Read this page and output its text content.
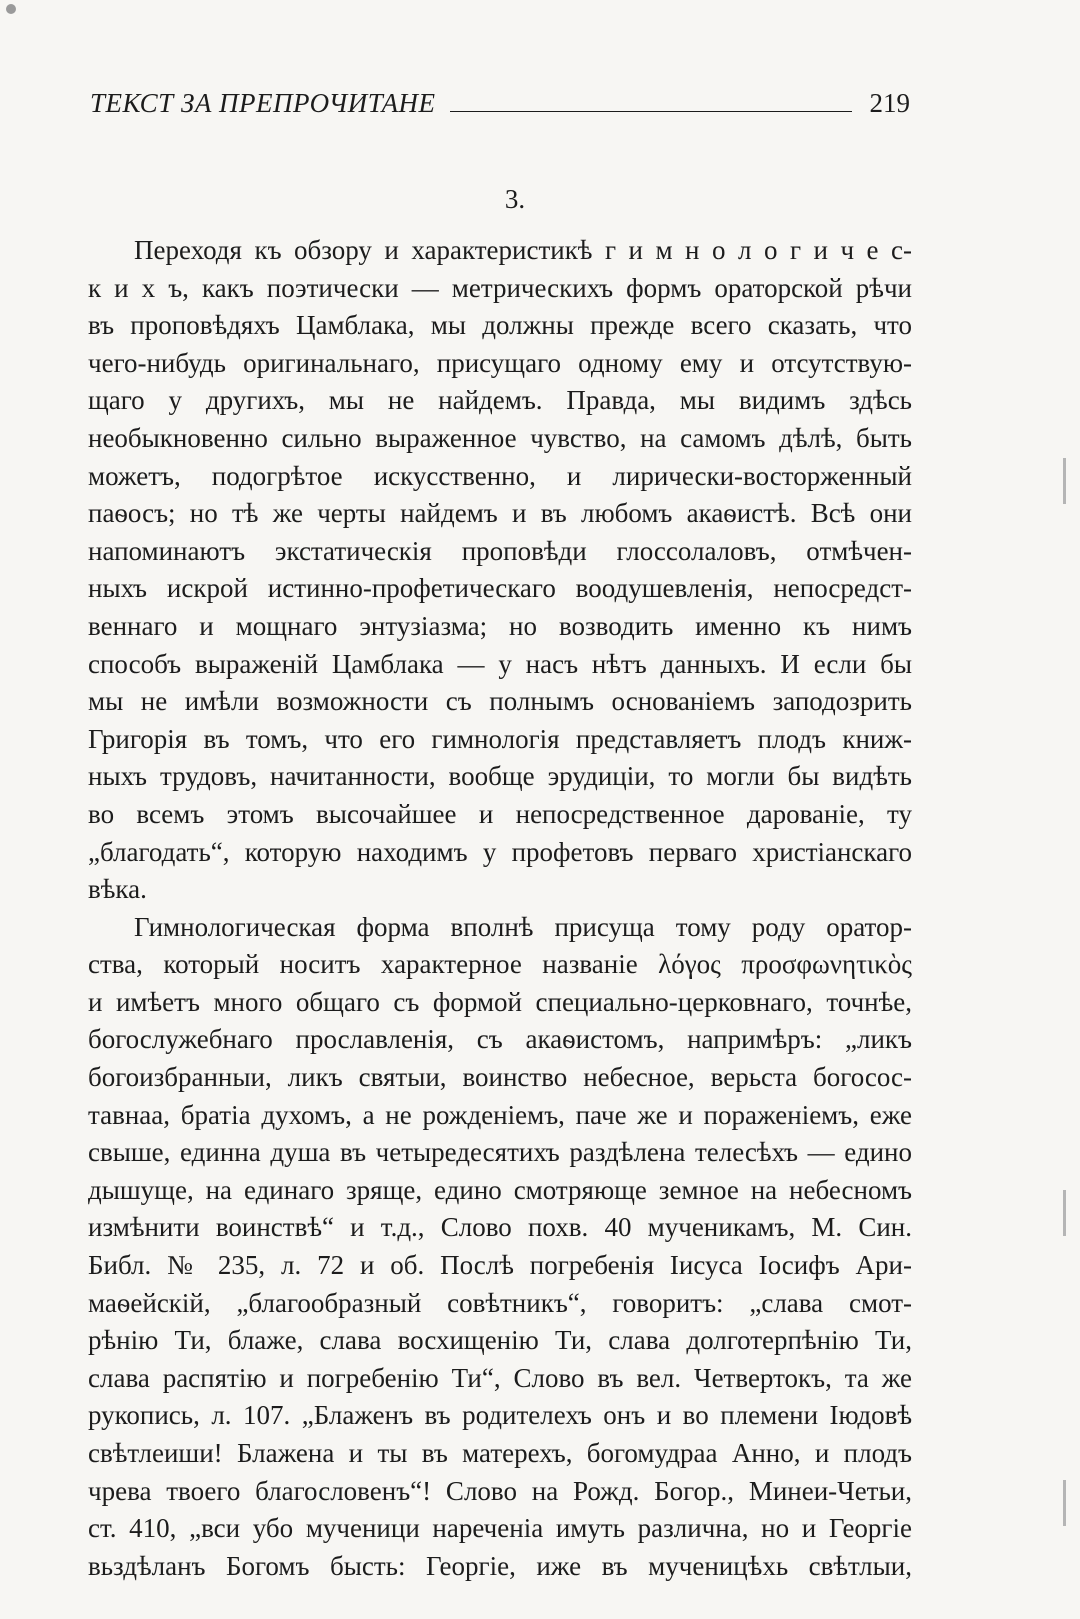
ТЕКСТ ЗА ПРЕПРОЧИТАНЕ	219
3.
Переходя къ обзору и характеристикѣ г и м н о л о г и ч е с-
к и х ъ, какъ поэтически — метрическихъ формъ ораторской рѣчи
въ проповѣдяхъ Цамблака, мы должны прежде всего сказать, что
чего-нибудь оригинальнаго, присущаго одному ему и отсутствую-
щаго у другихъ, мы не найдемъ. Правда, мы видимъ здѣсь
необыкновенно сильно выраженное чувство, на самомъ дѣлѣ, быть
можетъ, подогрѣтое искусственно, и лирически-восторженный
паѳосъ; но тѣ же черты найдемъ и въ любомъ акаѳистѣ. Всѣ они
напоминаютъ экстатическія проповѣди глоссолаловъ, отмѣчен-
ныхъ искрой истинно-профетическаго воодушевленія, непосредст-
веннаго и мощнаго энтузіазма; но возводить именно къ нимъ
способъ выраженій Цамблака — у насъ нѣтъ данныхъ. И если бы
мы не имѣли возможности съ полнымъ основаніемъ заподозрить
Григорія въ томъ, что его гимнологія представляетъ плодъ книж-
ныхъ трудовъ, начитанности, вообще эрудиціи, то могли бы видѣть
во всемъ этомъ высочайшее и непосредственное дарованіе, ту
„благодать“, которую находимъ у профетовъ перваго христіанскаго
вѣка.
Гимнологическая форма вполнѣ присуща тому роду оратор-
ства, который носитъ характерное названіе λόγος προσφωνητικὸς
и имѣетъ много общаго съ формой специально-церковнаго, точнѣе,
богослужебнаго прославленія, съ акаѳистомъ, напримѣръ: „ликъ
богоизбранныи, ликъ святыи, воинство небесное, верьста богосос-
тавнаа, братіа духомъ, а не рожденіемъ, паче же и пораженіемъ, еже
свыше, единна душа въ четыредесятихъ раздѣлена телесѣхъ — едино
дышуще, на единаго зряще, едино смотряюще земное на небесномъ
измѣнити воинствѣ“ и т.д., Слово похв. 40 мученикамъ, М. Син.
Библ. № 235, л. 72 и об. Послѣ погребенія Іисуса Іосифъ Ари-
маѳейскій, „благообразный совѣтникъ“, говоритъ: „слава смот-
рѣнію Ти, блаже, слава восхищенію Ти, слава долготерпѣнію Ти,
слава распятію и погребенію Ти“, Слово въ вел. Четвертокъ, та же
рукопись, л. 107. „Блаженъ въ родителехъ онъ и во племени Іюдовѣ
свѣтлеиши! Блажена и ты въ матерехъ, богомудраа Анно, и плодъ
чрева твоего благословенъ“! Слово на Рожд. Богор., Минеи-Четьи,
ст. 410, „вси убо мученици нареченіа имуть различна, но и Георгіе
вьздѣланъ Богомъ бысть: Георгіе, иже въ мученицѣхь свѣтлыи,
